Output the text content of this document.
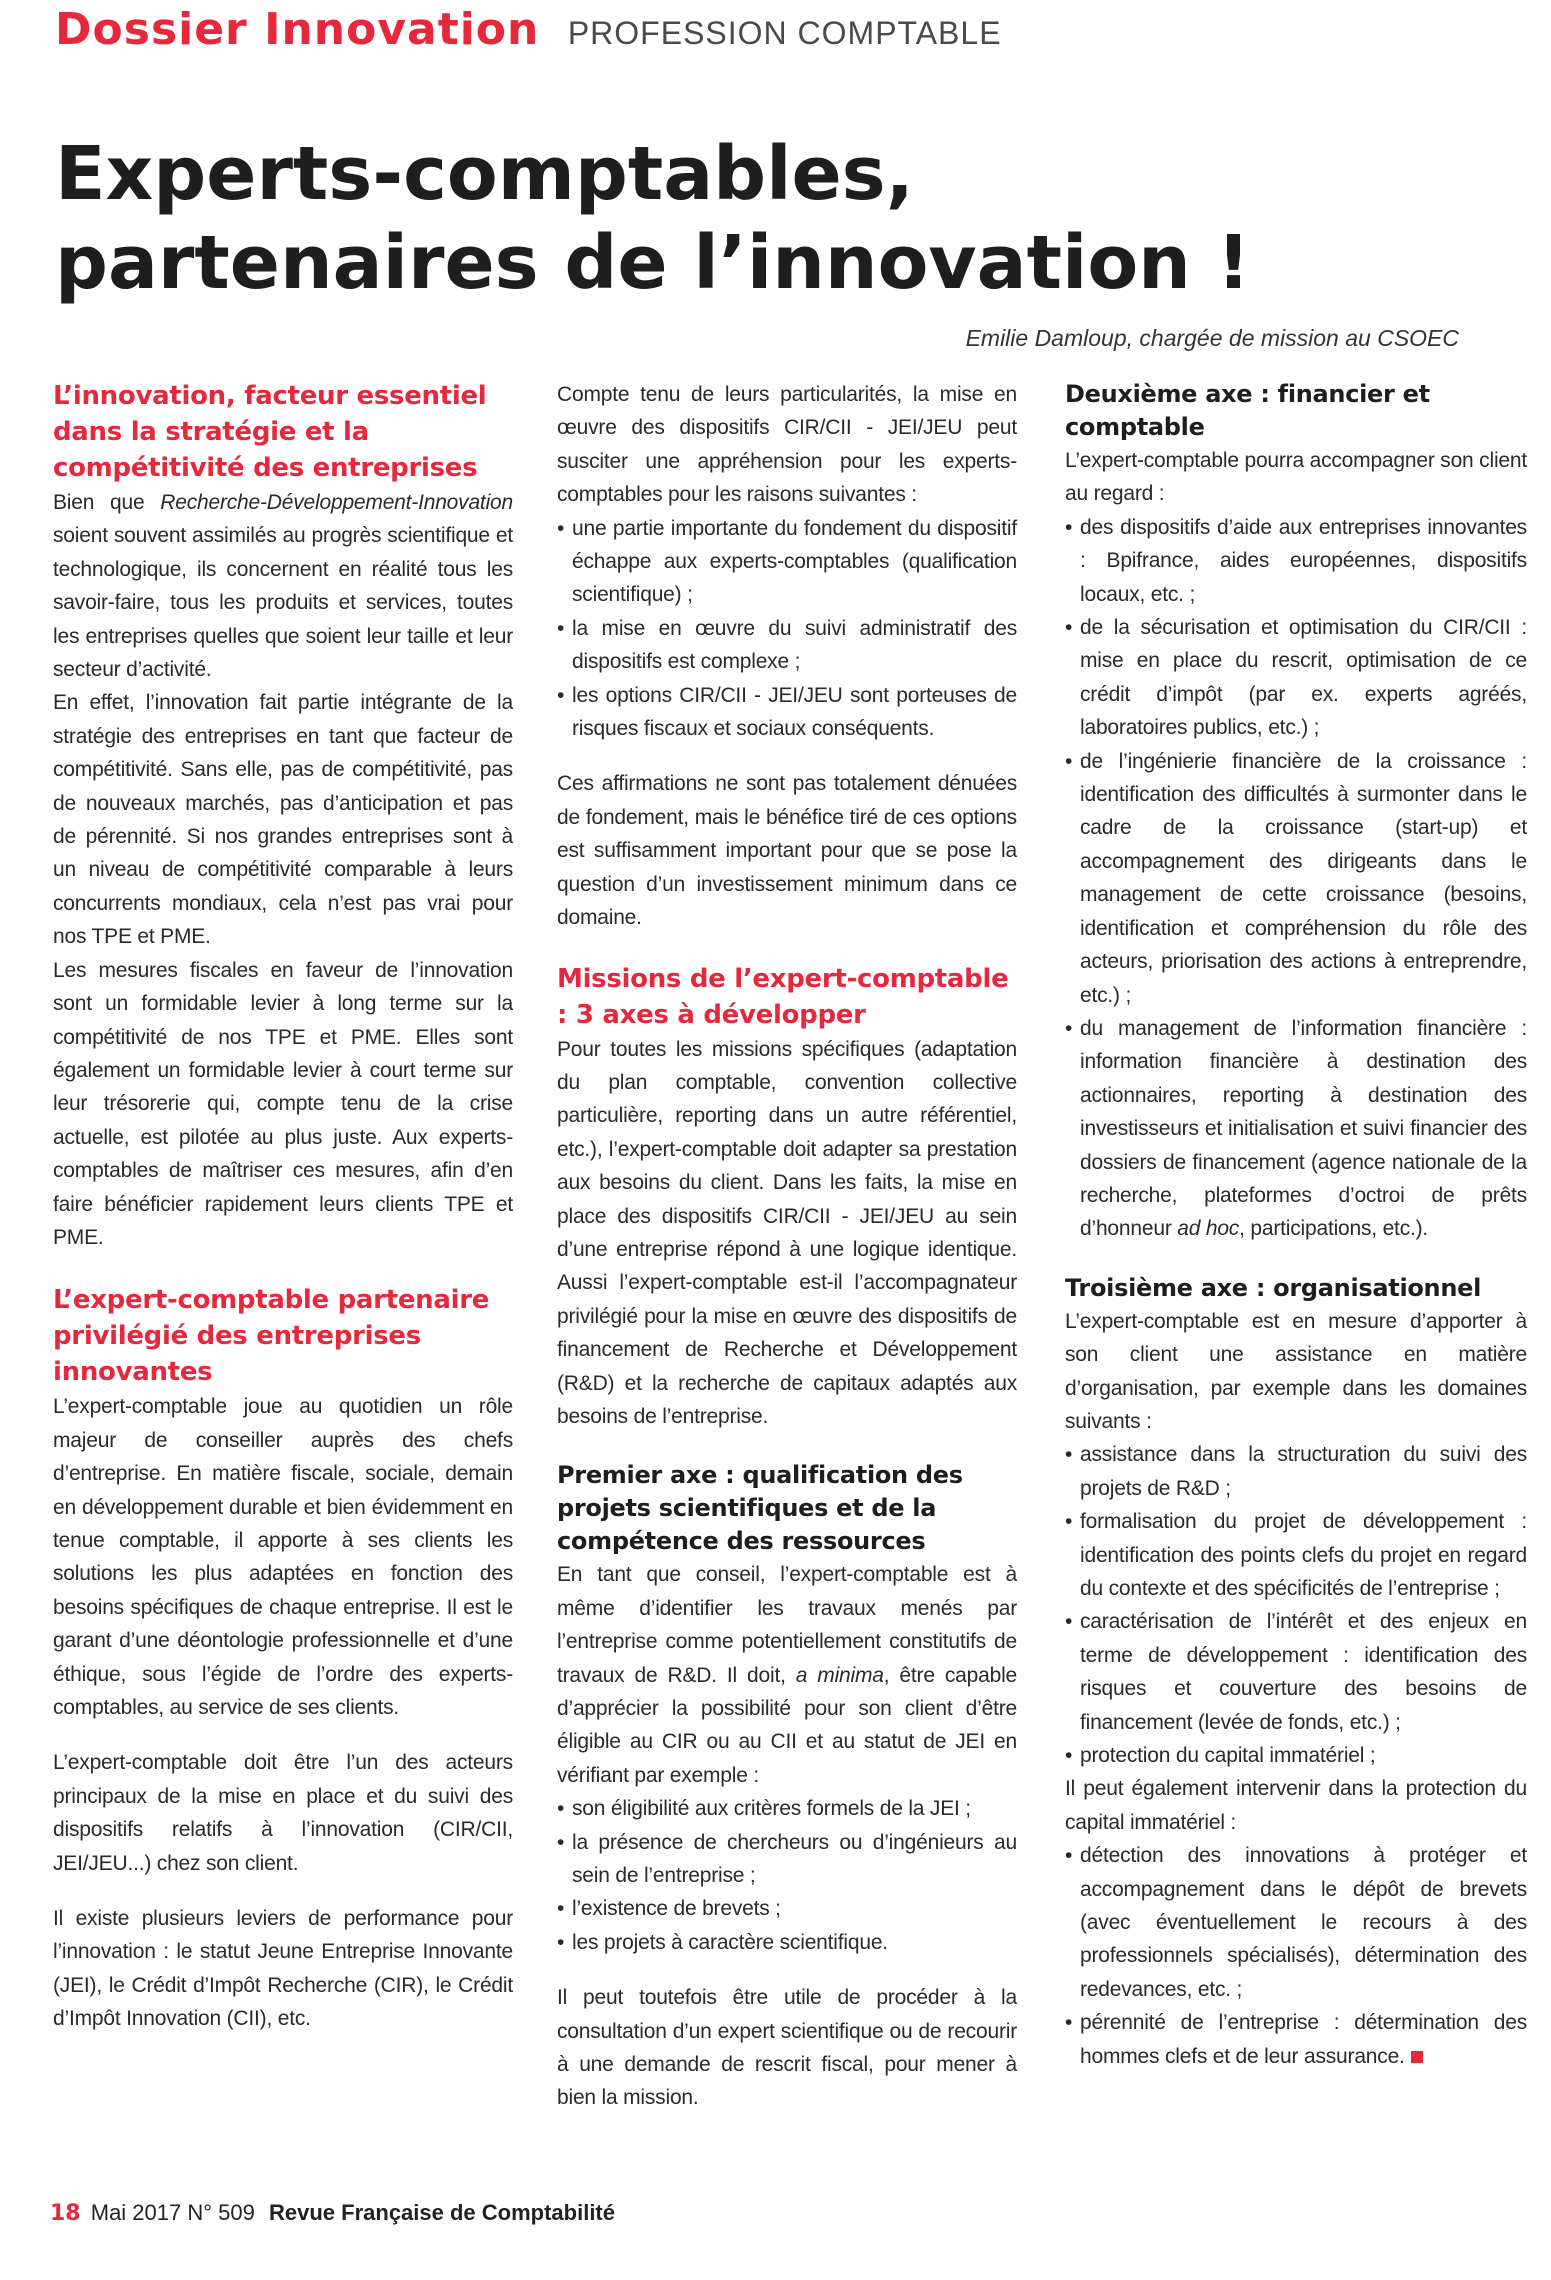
Dossier Innovation PROFESSION COMPTABLE
Experts-comptables,
partenaires de l’innovation !
Emilie Damloup, chargée de mission au CSOEC
L’innovation, facteur essentiel dans la stratégie et la compétitivité des entreprises

Bien que Recherche-Développement-Innovation soient souvent assimilés au progrès scientifique et technologique, ils concernent en réalité tous les savoir-faire, tous les produits et services, toutes les entreprises quelles que soient leur taille et leur secteur d’activité.

En effet, l’innovation fait partie intégrante de la stratégie des entreprises en tant que facteur de compétitivité. Sans elle, pas de compétitivité, pas de nouveaux marchés, pas d’anticipation et pas de pérennité. Si nos grandes entreprises sont à un niveau de compétitivité comparable à leurs concurrents mondiaux, cela n’est pas vrai pour nos TPE et PME.

Les mesures fiscales en faveur de l’innovation sont un formidable levier à long terme sur la compétitivité de nos TPE et PME. Elles sont également un formidable levier à court terme sur leur trésorerie qui, compte tenu de la crise actuelle, est pilotée au plus juste. Aux experts-comptables de maîtriser ces mesures, afin d’en faire bénéficier rapidement leurs clients TPE et PME.

L’expert-comptable partenaire privilégié des entreprises innovantes

L’expert-comptable joue au quotidien un rôle majeur de conseiller auprès des chefs d’entreprise. En matière fiscale, sociale, demain en développement durable et bien évidemment en tenue comptable, il apporte à ses clients les solutions les plus adaptées en fonction des besoins spécifiques de chaque entreprise. Il est le garant d’une déontologie professionnelle et d’une éthique, sous l’égide de l’ordre des experts-comptables, au service de ses clients.

L’expert-comptable doit être l’un des acteurs principaux de la mise en place et du suivi des dispositifs relatifs à l’innovation (CIR/CII, JEI/JEU...) chez son client.

Il existe plusieurs leviers de performance pour l’innovation : le statut Jeune Entreprise Innovante (JEI), le Crédit d’Impôt Recherche (CIR), le Crédit d’Impôt Innovation (CII), etc.

Compte tenu de leurs particularités, la mise en œuvre des dispositifs CIR/CII - JEI/JEU peut susciter une appréhension pour les experts-comptables pour les raisons suivantes :

• une partie importante du fondement du dispositif échappe aux experts-comptables (qualification scientifique) ;
• la mise en œuvre du suivi administratif des dispositifs est complexe ;
• les options CIR/CII - JEI/JEU sont porteuses de risques fiscaux et sociaux conséquents.

Ces affirmations ne sont pas totalement dénuées de fondement, mais le bénéfice tiré de ces options est suffisamment important pour que se pose la question d’un investissement minimum dans ce domaine.

Missions de l’expert-comptable : 3 axes à développer

Pour toutes les missions spécifiques (adaptation du plan comptable, convention collective particulière, reporting dans un autre référentiel, etc.), l’expert-comptable doit adapter sa prestation aux besoins du client. Dans les faits, la mise en place des dispositifs CIR/CII - JEI/JEU au sein d’une entreprise répond à une logique identique. Aussi l’expert-comptable est-il l’accompagnateur privilégié pour la mise en œuvre des dispositifs de financement de Recherche et Développement (R&D) et la recherche de capitaux adaptés aux besoins de l’entreprise.

Premier axe : qualification des projets scientifiques et de la compétence des ressources

En tant que conseil, l’expert-comptable est à même d’identifier les travaux menés par l’entreprise comme potentiellement constitutifs de travaux de R&D. Il doit, a minima, être capable d’apprécier la possibilité pour son client d’être éligible au CIR ou au CII et au statut de JEI en vérifiant par exemple :

• son éligibilité aux critères formels de la JEI ;
• la présence de chercheurs ou d’ingénieurs au sein de l’entreprise ;
• l’existence de brevets ;
• les projets à caractère scientifique.

Il peut toutefois être utile de procéder à la consultation d’un expert scientifique ou de recourir à une demande de rescrit fiscal, pour mener à bien la mission.

Deuxième axe : financier et comptable

L’expert-comptable pourra accompagner son client au regard :

• des dispositifs d’aide aux entreprises innovantes : Bpifrance, aides européennes, dispositifs locaux, etc. ;
• de la sécurisation et optimisation du CIR/CII : mise en place du rescrit, optimisation de ce crédit d’impôt (par ex. experts agréés, laboratoires publics, etc.) ;
• de l’ingénierie financière de la croissance : identification des difficultés à surmonter dans le cadre de la croissance (start-up) et accompagnement des dirigeants dans le management de cette croissance (besoins, identification et compréhension du rôle des acteurs, priorisation des actions à entreprendre, etc.) ;
• du management de l’information financière : information financière à destination des actionnaires, reporting à destination des investisseurs et initialisation et suivi financier des dossiers de financement (agence nationale de la recherche, plateformes d’octroi de prêts d’honneur ad hoc, participations, etc.).
Troisième axe : organisationnel

L’expert-comptable est en mesure d’apporter à son client une assistance en matière d’organisation, par exemple dans les domaines suivants :

• assistance dans la structuration du suivi des projets de R&D ;
• formalisation du projet de développement : identification des points clefs du projet en regard du contexte et des spécificités de l’entreprise ;
• caractérisation de l’intérêt et des enjeux en terme de développement : identification des risques et couverture des besoins de financement (levée de fonds, etc.) ;
• protection du capital immatériel ;

Il peut également intervenir dans la protection du capital immatériel :

• détection des innovations à protéger et accompagnement dans le dépôt de brevets (avec éventuellement le recours à des professionnels spécialisés), détermination des redevances, etc. ;
• pérennité de l’entreprise : détermination des hommes clefs et de leur assurance.
18 Mai 2017 N° 509 Revue Française de Comptabilité
